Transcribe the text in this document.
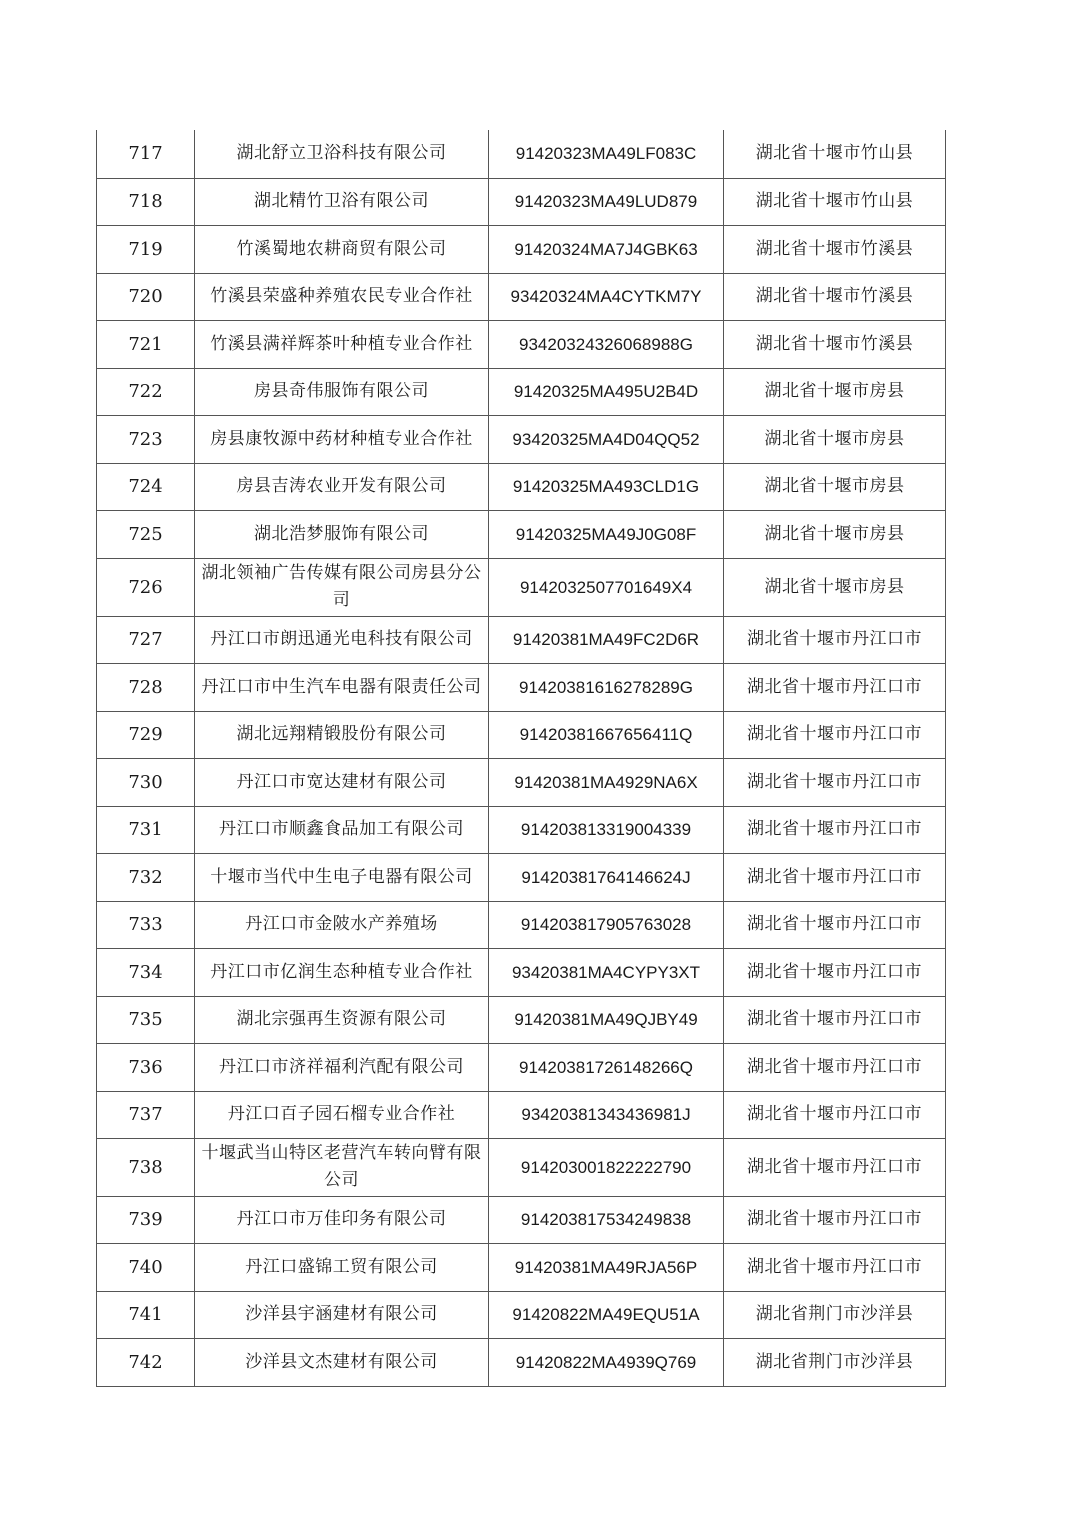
717	湖北舒立卫浴科技有限公司	91420323MA49LF083C	湖北省十堰市竹山县
718	湖北精竹卫浴有限公司	91420323MA49LUD879	湖北省十堰市竹山县
719	竹溪蜀地农耕商贸有限公司	91420324MA7J4GBK63	湖北省十堰市竹溪县
720	竹溪县荣盛种养殖农民专业合作社	93420324MA4CYTKM7Y	湖北省十堰市竹溪县
721	竹溪县满祥辉茶叶种植专业合作社	93420324326068988G	湖北省十堰市竹溪县
722	房县奇伟服饰有限公司	91420325MA495U2B4D	湖北省十堰市房县
723	房县康牧源中药材种植专业合作社	93420325MA4D04QQ52	湖北省十堰市房县
724	房县吉涛农业开发有限公司	91420325MA493CLD1G	湖北省十堰市房县
725	湖北浩梦服饰有限公司	91420325MA49J0G08F	湖北省十堰市房县
726	湖北领袖广告传媒有限公司房县分公司	9142032507701649X4	湖北省十堰市房县
727	丹江口市朗迅通光电科技有限公司	91420381MA49FC2D6R	湖北省十堰市丹江口市
728	丹江口市中生汽车电器有限责任公司	91420381616278289G	湖北省十堰市丹江口市
729	湖北远翔精锻股份有限公司	91420381667656411Q	湖北省十堰市丹江口市
730	丹江口市宽达建材有限公司	91420381MA4929NA6X	湖北省十堰市丹江口市
731	丹江口市顺鑫食品加工有限公司	914203813319004339	湖北省十堰市丹江口市
732	十堰市当代中生电子电器有限公司	91420381764146624J	湖北省十堰市丹江口市
733	丹江口市金陂水产养殖场	914203817905763028	湖北省十堰市丹江口市
734	丹江口市亿润生态种植专业合作社	93420381MA4CYPY3XT	湖北省十堰市丹江口市
735	湖北宗强再生资源有限公司	91420381MA49QJBY49	湖北省十堰市丹江口市
736	丹江口市济祥福利汽配有限公司	91420381726148266Q	湖北省十堰市丹江口市
737	丹江口百子园石榴专业合作社	93420381343436981J	湖北省十堰市丹江口市
738	十堰武当山特区老营汽车转向臂有限公司	914203001822222790	湖北省十堰市丹江口市
739	丹江口市万佳印务有限公司	914203817534249838	湖北省十堰市丹江口市
740	丹江口盛锦工贸有限公司	91420381MA49RJA56P	湖北省十堰市丹江口市
741	沙洋县宇涵建材有限公司	91420822MA49EQU51A	湖北省荆门市沙洋县
742	沙洋县文杰建材有限公司	91420822MA4939Q769	湖北省荆门市沙洋县
